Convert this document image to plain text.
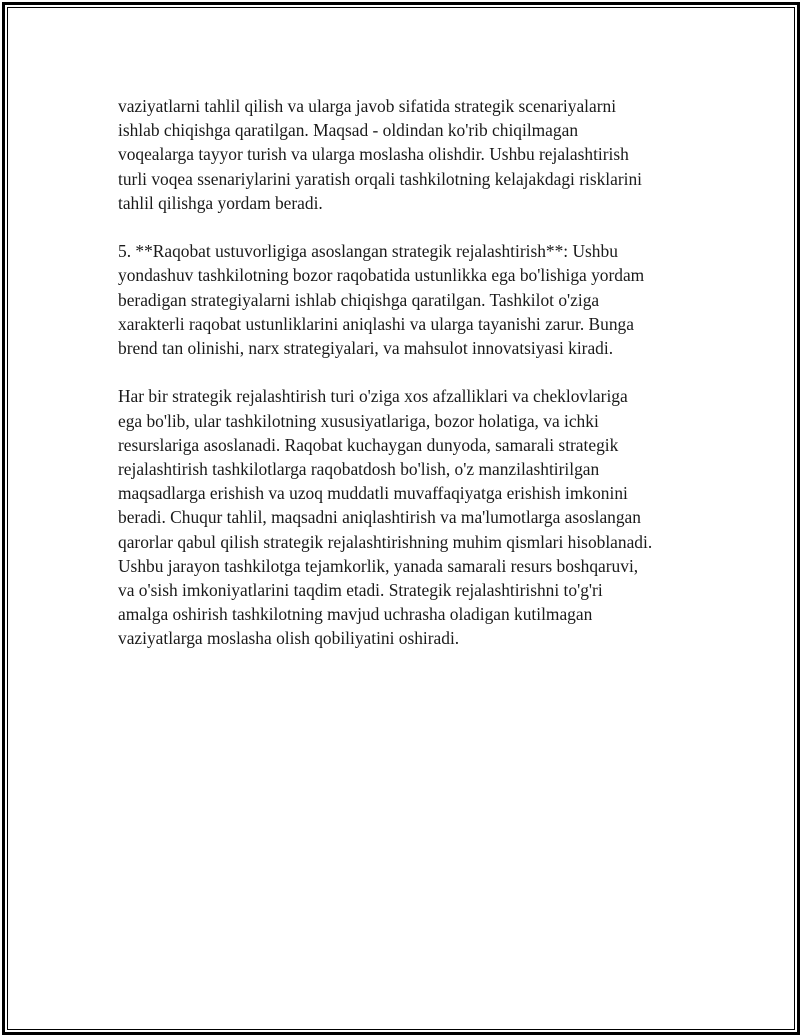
vaziyatlarni tahlil qilish va ularga javob sifatida strategik scenariyalarni
ishlab chiqishga qaratilgan. Maqsad - oldindan ko'rib chiqilmagan
voqealarga tayyor turish va ularga moslasha olishdir. Ushbu rejalashtirish
turli voqea ssenariylarini yaratish orqali tashkilotning kelajakdagi risklarini
tahlil qilishga yordam beradi.

5. **Raqobat ustuvorligiga asoslangan strategik rejalashtirish**: Ushbu
yondashuv tashkilotning bozor raqobatida ustunlikka ega bo'lishiga yordam
beradigan strategiyalarni ishlab chiqishga qaratilgan. Tashkilot o'ziga
xarakterli raqobat ustunliklarini aniqlashi va ularga tayanishi zarur. Bunga
brend tan olinishi, narx strategiyalari, va mahsulot innovatsiyasi kiradi.

Har bir strategik rejalashtirish turi o'ziga xos afzalliklari va cheklovlariga
ega bo'lib, ular tashkilotning xususiyatlariga, bozor holatiga, va ichki
resurslariga asoslanadi. Raqobat kuchaygan dunyoda, samarali strategik
rejalashtirish tashkilotlarga raqobatdosh bo'lish, o'z manzilashtirilgan
maqsadlarga erishish va uzoq muddatli muvaffaqiyatga erishish imkonini
beradi. Chuqur tahlil, maqsadni aniqlashtirish va ma'lumotlarga asoslangan
qarorlar qabul qilish strategik rejalashtirishning muhim qismlari hisoblanadi.
Ushbu jarayon tashkilotga tejamkorlik, yanada samarali resurs boshqaruvi,
va o'sish imkoniyatlarini taqdim etadi. Strategik rejalashtirishni to'g'ri
amalga oshirish tashkilotning mavjud uchrasha oladigan kutilmagan
vaziyatlarga moslasha olish qobiliyatini oshiradi.
